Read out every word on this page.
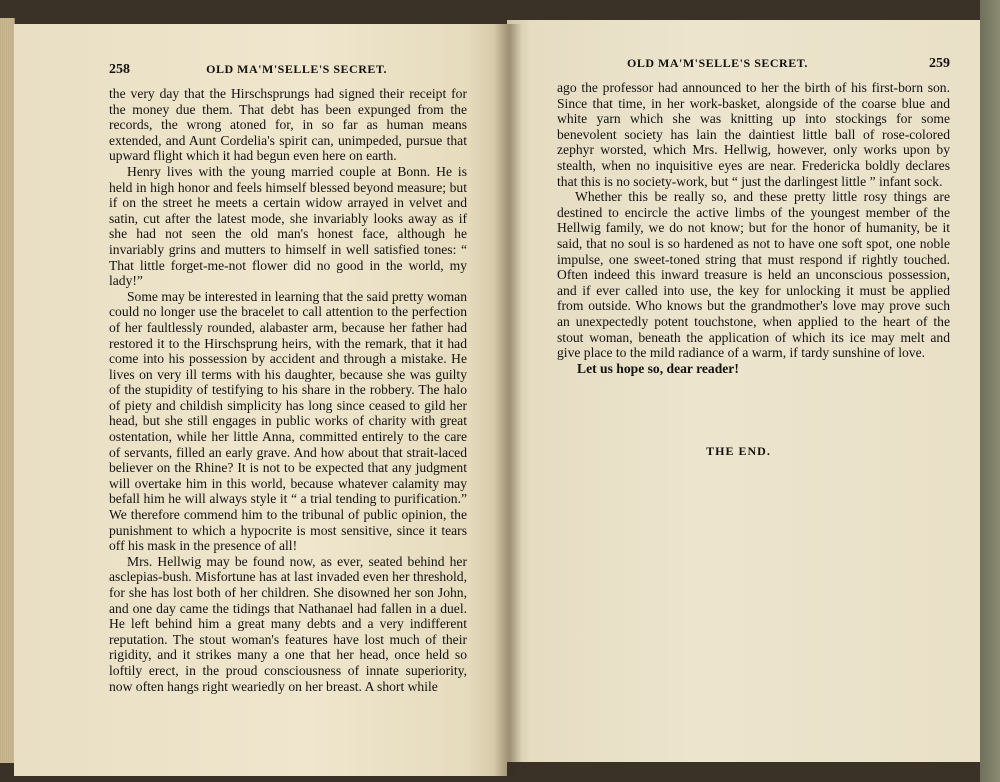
258	OLD MA'M'SELLE'S SECRET.

the very day that the Hirschsprungs had signed their receipt for the money due them. That debt has been expunged from the records, the wrong atoned for, in so far as human means extended, and Aunt Cordelia's spirit can, unimpeded, pursue that upward flight which it had begun even here on earth.

Henry lives with the young married couple at Bonn. He is held in high honor and feels himself blessed beyond measure; but if on the street he meets a certain widow arrayed in velvet and satin, cut after the latest mode, she invariably looks away as if she had not seen the old man's honest face, although he invariably grins and mutters to himself in well satisfied tones: “ That little forget-me-not flower did no good in the world, my lady!”

Some may be interested in learning that the said pretty woman could no longer use the bracelet to call attention to the perfection of her faultlessly rounded, alabaster arm, because her father had restored it to the Hirschsprung heirs, with the remark, that it had come into his possession by accident and through a mistake. He lives on very ill terms with his daughter, because she was guilty of the stupidity of testifying to his share in the robbery. The halo of piety and childish simplicity has long since ceased to gild her head, but she still engages in public works of charity with great ostentation, while her little Anna, committed entirely to the care of servants, filled an early grave. And how about that strait-laced believer on the Rhine? It is not to be expected that any judgment will overtake him in this world, because whatever calamity may befall him he will always style it “ a trial tending to purification.” We therefore commend him to the tribunal of public opinion, the punishment to which a hypocrite is most sensitive, since it tears off his mask in the presence of all!

Mrs. Hellwig may be found now, as ever, seated behind her asclepias-bush. Misfortune has at last invaded even her threshold, for she has lost both of her children. She disowned her son John, and one day came the tidings that Nathanael had fallen in a duel. He left behind him a great many debts and a very indifferent reputation. The stout woman's features have lost much of their rigidity, and it strikes many a one that her head, once held so loftily erect, in the proud consciousness of innate superiority, now often hangs right weariedly on her breast. A short while

OLD MA'M'SELLE'S SECRET.	259

ago the professor had announced to her the birth of his first-born son. Since that time, in her work-basket, alongside of the coarse blue and white yarn which she was knitting up into stockings for some benevolent society has lain the daintiest little ball of rose-colored zephyr worsted, which Mrs. Hellwig, however, only works upon by stealth, when no inquisitive eyes are near. Fredericka boldly declares that this is no society-work, but “ just the darlingest little ” infant sock.

Whether this be really so, and these pretty little rosy things are destined to encircle the active limbs of the youngest member of the Hellwig family, we do not know; but for the honor of humanity, be it said, that no soul is so hardened as not to have one soft spot, one noble impulse, one sweet-toned string that must respond if rightly touched. Often indeed this inward treasure is held an unconscious possession, and if ever called into use, the key for unlocking it must be applied from outside. Who knows but the grandmother's love may prove such an unexpectedly potent touchstone, when applied to the heart of the stout woman, beneath the application of which its ice may melt and give place to the mild radiance of a warm, if tardy sunshine of love.

Let us hope so, dear reader!

THE END.
